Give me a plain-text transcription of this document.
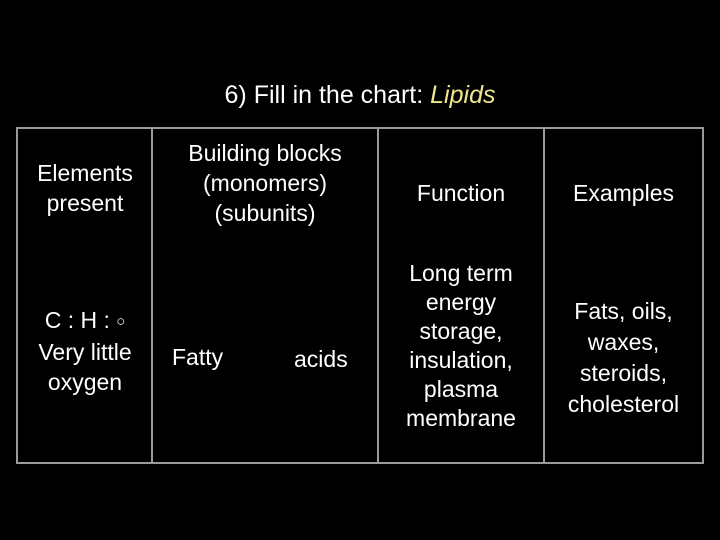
6) Fill in the chart: Lipids
Elements
present
Building blocks
(monomers)
(subunits)
Function	Examples
C : H : ○
Very little
oxygen
Fatty	acids
Long term
energy
storage,
insulation,
plasma
membrane
Fats, oils,
waxes,
steroids,
cholesterol
